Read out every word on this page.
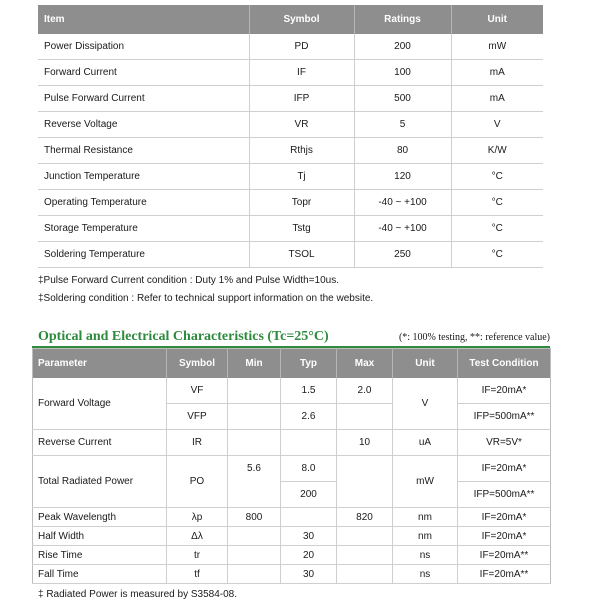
Item	Symbol	Ratings	Unit
Power Dissipation	PD	200	mW
Forward Current	IF	100	mA
Pulse Forward Current	IFP	500	mA
Reverse Voltage	VR	5	V
Thermal Resistance	Rthjs	80	K/W
Junction Temperature	Tj	120	°C
Operating Temperature	Topr	-40 ~ +100	°C
Storage Temperature	Tstg	-40 ~ +100	°C
Soldering Temperature	TSOL	250	°C
‡Pulse Forward Current condition : Duty 1% and Pulse Width=10us.
‡Soldering condition : Refer to technical support information on the website.
Optical and Electrical Characteristics (Tc=25°C)	(*: 100% testing, **: reference value)
Parameter	Symbol	Min	Typ	Max	Unit	Test Condition
Forward Voltage	VF		1.5	2.0	V	IF=20mA*
	VFP		2.6			IFP=500mA**
Reverse Current	IR			10	uA	VR=5V*
Total Radiated Power	PO	5.6	8.0		mW	IF=20mA*
			200			IFP=500mA**
Peak Wavelength	λp	800		820	nm	IF=20mA*
Half Width	Δλ		30		nm	IF=20mA*
Rise Time	tr		20		ns	IF=20mA**
Fall Time	tf		30		ns	IF=20mA**
‡ Radiated Power is measured by S3584-08.
